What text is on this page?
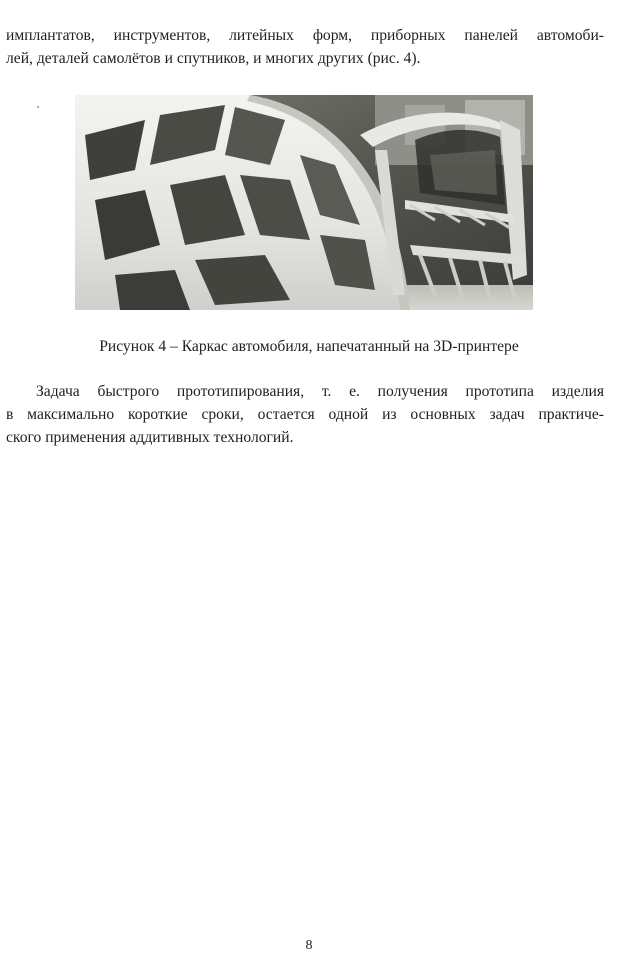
имплантатов, инструментов, литейных форм, приборных панелей автомоби-
лей, деталей самолётов и спутников, и многих других (рис. 4).

Рисунок 4 – Каркас автомобиля, напечатанный на 3D-принтере

Задача быстрого прототипирования, т. е. получения прототипа изделия
в максимально короткие сроки, остается одной из основных задач практиче-
ского применения аддитивных технологий.

8
